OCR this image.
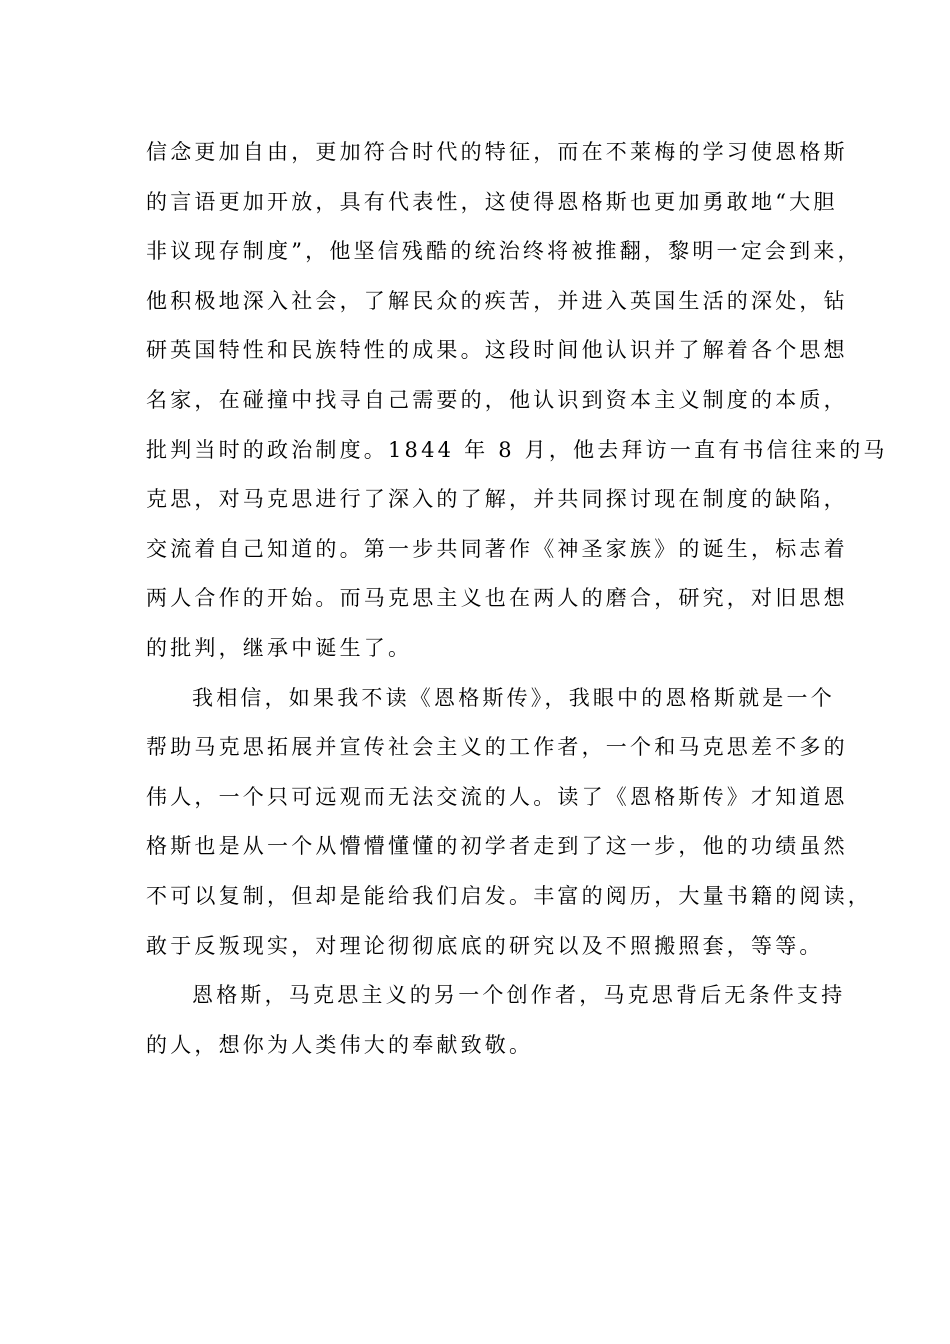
信念更加自由，更加符合时代的特征，而在不莱梅的学习使恩格斯
的言语更加开放，具有代表性，这使得恩格斯也更加勇敢地“大胆
非议现存制度”，他坚信残酷的统治终将被推翻，黎明一定会到来，
他积极地深入社会，了解民众的疾苦，并进入英国生活的深处，钻
研英国特性和民族特性的成果。这段时间他认识并了解着各个思想
名家，在碰撞中找寻自己需要的，他认识到资本主义制度的本质，
批判当时的政治制度。1844 年 8 月，他去拜访一直有书信往来的马
克思，对马克思进行了深入的了解，并共同探讨现在制度的缺陷，
交流着自己知道的。第一步共同著作《神圣家族》的诞生，标志着
两人合作的开始。而马克思主义也在两人的磨合，研究，对旧思想
的批判，继承中诞生了。
我相信，如果我不读《恩格斯传》，我眼中的恩格斯就是一个
帮助马克思拓展并宣传社会主义的工作者，一个和马克思差不多的
伟人，一个只可远观而无法交流的人。读了《恩格斯传》才知道恩
格斯也是从一个从懵懵懂懂的初学者走到了这一步，他的功绩虽然
不可以复制，但却是能给我们启发。丰富的阅历，大量书籍的阅读，
敢于反叛现实，对理论彻彻底底的研究以及不照搬照套，等等。
恩格斯，马克思主义的另一个创作者，马克思背后无条件支持
的人，想你为人类伟大的奉献致敬。
